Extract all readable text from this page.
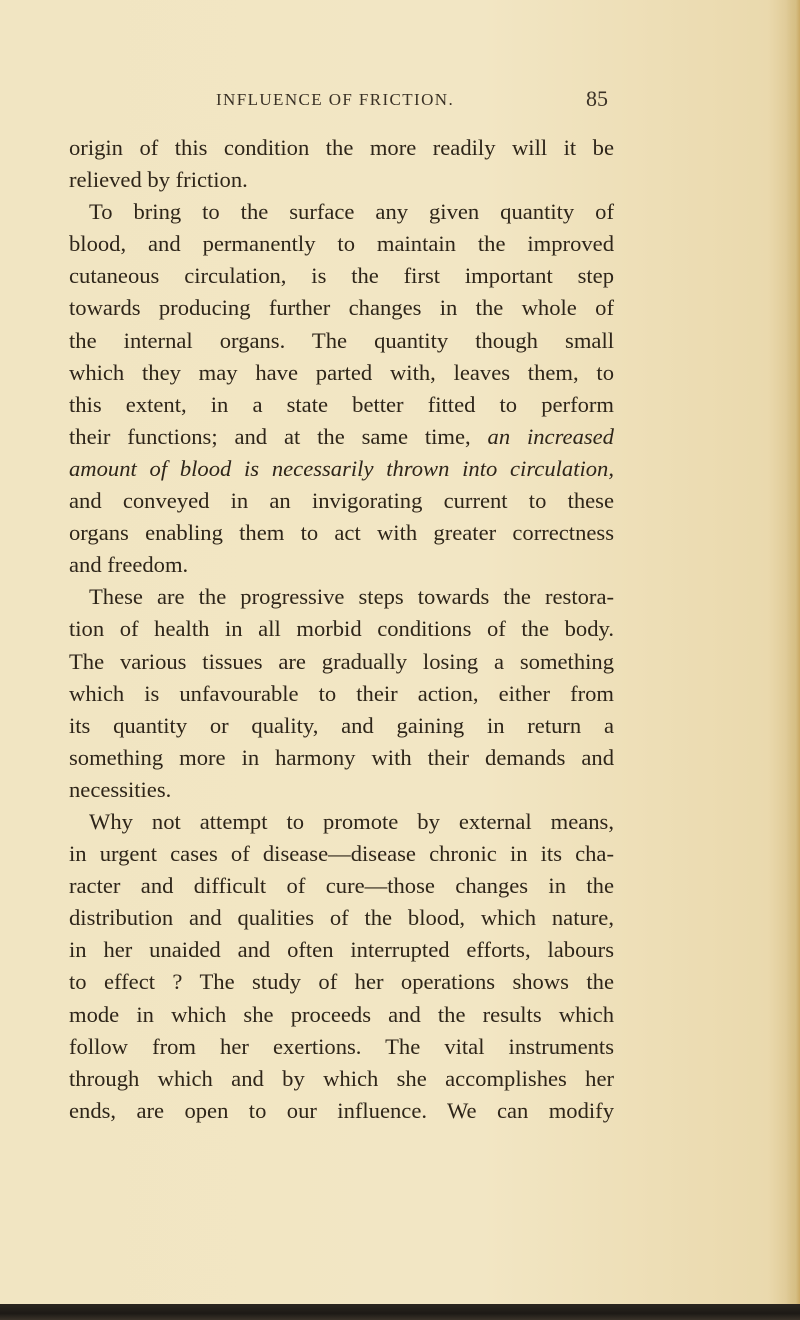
INFLUENCE OF FRICTION.	85
origin of this condition the more readily will it be
relieved by friction.
To bring to the surface any given quantity of
blood, and permanently to maintain the improved
cutaneous circulation, is the first important step
towards producing further changes in the whole of
the internal organs. The quantity though small
which they may have parted with, leaves them, to
this extent, in a state better fitted to perform
their functions; and at the same time, an increased
amount of blood is necessarily thrown into circulation,
and conveyed in an invigorating current to these
organs enabling them to act with greater correctness
and freedom.
These are the progressive steps towards the restora-
tion of health in all morbid conditions of the body.
The various tissues are gradually losing a something
which is unfavourable to their action, either from
its quantity or quality, and gaining in return a
something more in harmony with their demands and
necessities.
Why not attempt to promote by external means,
in urgent cases of disease—disease chronic in its cha-
racter and difficult of cure—those changes in the
distribution and qualities of the blood, which nature,
in her unaided and often interrupted efforts, labours
to effect ? The study of her operations shows the
mode in which she proceeds and the results which
follow from her exertions. The vital instruments
through which and by which she accomplishes her
ends, are open to our influence. We can modify
